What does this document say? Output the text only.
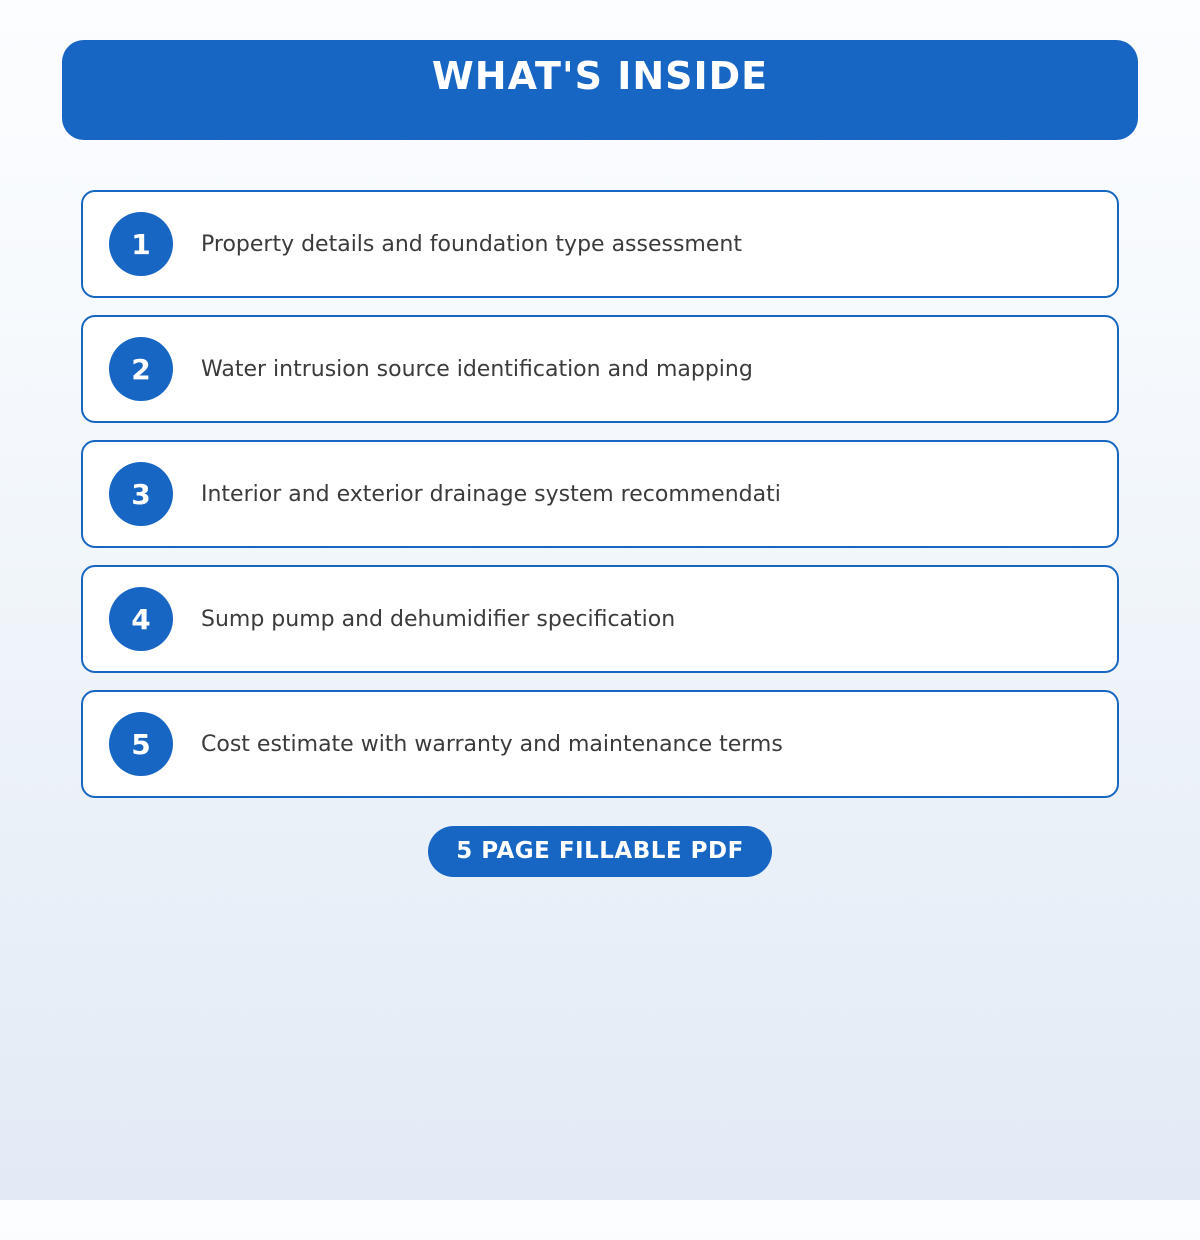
WHAT'S INSIDE
1	Property details and foundation type assessment
2	Water intrusion source identification and mapping
3	Interior and exterior drainage system recommendati
4	Sump pump and dehumidifier specification
5	Cost estimate with warranty and maintenance terms
5 PAGE FILLABLE PDF
